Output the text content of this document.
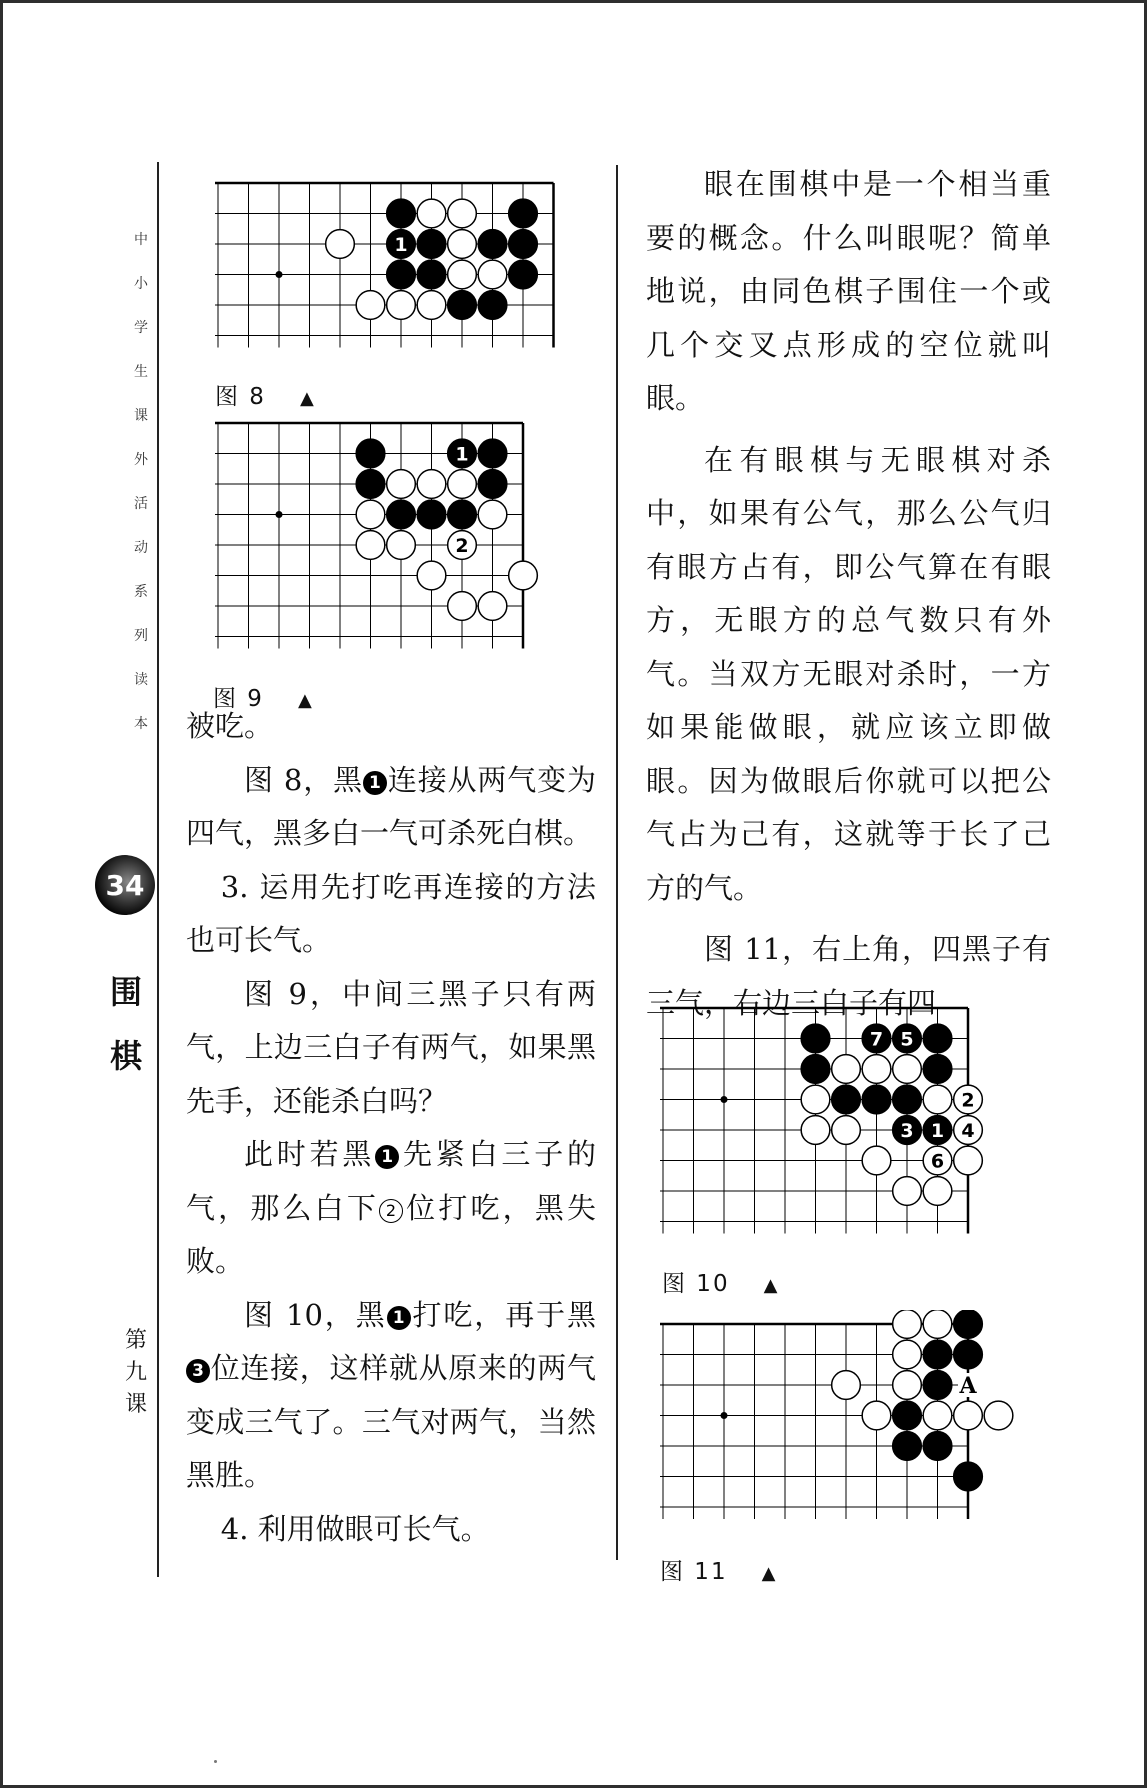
中
小
学
生
课
外
活
动
系
列
读
本
34
围
棋
第
九
课
1
图 8 ▲
1
2
图 9 ▲

被吃。

图 8，黑 1 连接从两气变为四气，黑多白一气可杀死白棋。

3. 运用先打吃再连接的方法也可长气。

图 9，中间三黑子只有两气，上边三白子有两气，如果黑先手，还能杀白吗？

此时若黑 1 先紧白三子的气，那么白下 2 位打吃，黑失败。

图 10，黑 1 打吃，再于黑3 位连接，这样就从原来的两气变成三气了。三气对两气，当然黑胜。

4. 利用做眼可长气。

眼在围棋中是一个相当重要的概念。什么叫眼呢？简单地说，由同色棋子围住一个或几个交叉点形成的空位就叫眼。

在有眼棋与无眼棋对杀中，如果有公气，那么公气归有眼方占有，即公气算在有眼方，无眼方的总气数只有外气。当双方无眼对杀时，一方如果能做眼，就应该立即做眼。因为做眼后你就可以把公气占为己有，这就等于长了己方的气。

图 11，右上角，四黑子有三气，右边三白子有四

7 5
2
3 1 4
6
图 10 ▲
A
图 11 ▲
